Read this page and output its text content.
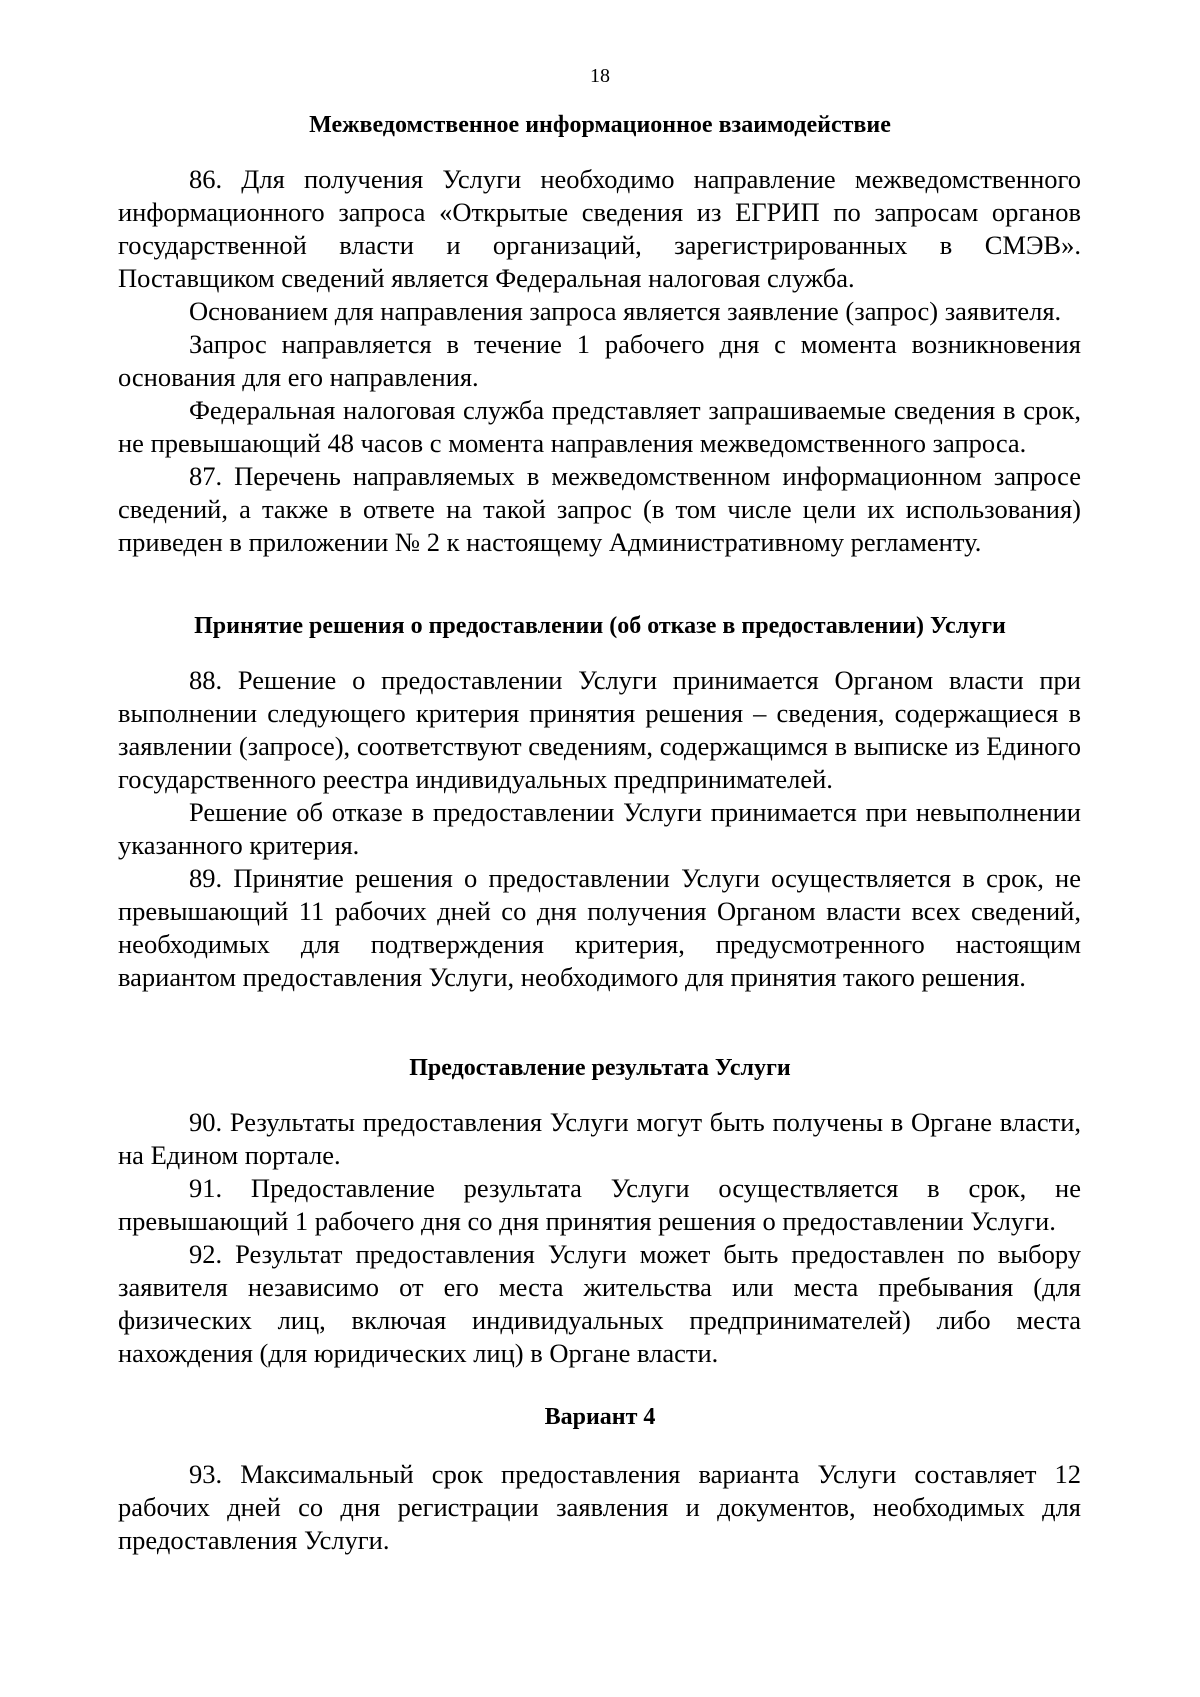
18
Межведомственное информационное взаимодействие

86. Для получения Услуги необходимо направление межведомственного информационного запроса «Открытые сведения из ЕГРИП по запросам органов государственной власти и организаций, зарегистрированных в СМЭВ». Поставщиком сведений является Федеральная налоговая служба.

Основанием для направления запроса является заявление (запрос) заявителя.

Запрос направляется в течение 1 рабочего дня с момента возникновения основания для его направления.

Федеральная налоговая служба представляет запрашиваемые сведения в срок, не превышающий 48 часов с момента направления межведомственного запроса.

87. Перечень направляемых в межведомственном информационном запросе сведений, а также в ответе на такой запрос (в том числе цели их использования) приведен в приложении № 2 к настоящему Административному регламенту.

Принятие решения о предоставлении (об отказе в предоставлении) Услуги

88. Решение о предоставлении Услуги принимается Органом власти при выполнении следующего критерия принятия решения – сведения, содержащиеся в заявлении (запросе), соответствуют сведениям, содержащимся в выписке из Единого государственного реестра индивидуальных предпринимателей.

Решение об отказе в предоставлении Услуги принимается при невыполнении указанного критерия.

89. Принятие решения о предоставлении Услуги осуществляется в срок, не превышающий 11 рабочих дней со дня получения Органом власти всех сведений, необходимых для подтверждения критерия, предусмотренного настоящим вариантом предоставления Услуги, необходимого для принятия такого решения.

Предоставление результата Услуги

90. Результаты предоставления Услуги могут быть получены в Органе власти, на Едином портале.

91. Предоставление результата Услуги осуществляется в срок, не превышающий 1 рабочего дня со дня принятия решения о предоставлении Услуги.

92. Результат предоставления Услуги может быть предоставлен по выбору заявителя независимо от его места жительства или места пребывания (для физических лиц, включая индивидуальных предпринимателей) либо места нахождения (для юридических лиц) в Органе власти.

Вариант 4

93. Максимальный срок предоставления варианта Услуги составляет 12 рабочих дней со дня регистрации заявления и документов, необходимых для предоставления Услуги.
